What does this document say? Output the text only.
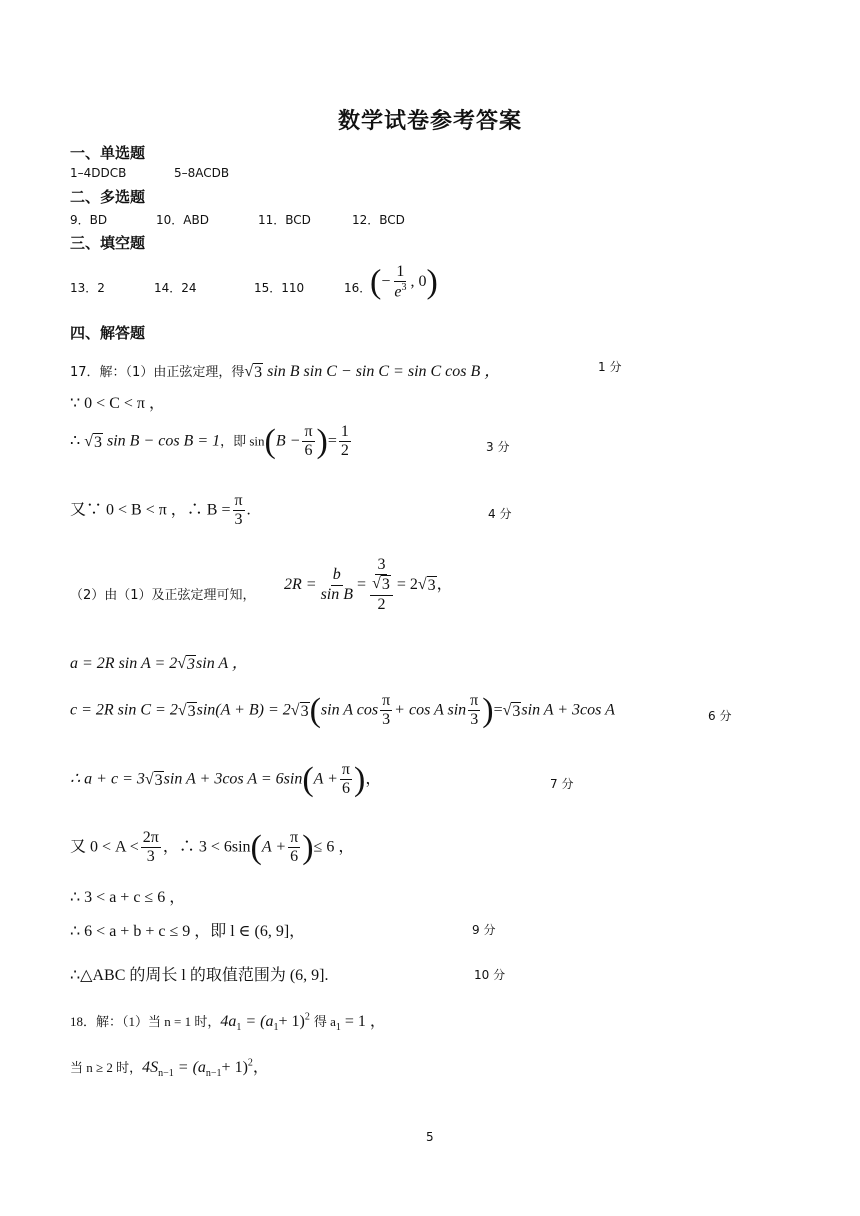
数学试卷参考答案
一、单选题
1–4DDCB	5–8ACDB
二、多选题
9．BD	10．ABD	11．BCD	12．BCD
三、填空题
13．2	14．24	15．110	16．
(− $\frac{1}{e^3}$ , 0)
四、解答题
17．解：（1）由正弦定理，得 √ 3 sin B sin C − sin C = sin C cos B ，	1 分
∵ 0 < C < π ，
∴ √ 3 sin B − cos B = 1，即 $\sin(B - \frac{\pi}{6}$ )= $\frac{1}{2}$	3 分
又∵ 0 < B < π ，∴ $B = \frac{\pi}{3}$ .	4 分
（2）由（1）及正弦定理可知，
$2R = \frac{b}{\text{sin B}} = \frac{3}{\frac{√ 3}{2}} = 2$ √ 3 ，
a = 2R sin A = 2 √ 3 sin A ，
c = 2R sin C = 2 √ 3 sin(A + B) = 2 √ 3 (sin A $\cos \frac{\pi}{3} + \cos A$ $\sin \frac{\pi}{3}$ )= √ 3 sin A + 3cos A	6 分
∴ a + c = 3 √ 3 sin A + 3cos $A = 6\sin(A + \frac{\pi}{6}$ )，	7 分
又 $0 < A < \frac{2\pi}{3}$ ，∴ $3 < 6\sin(A + \frac{\pi}{6}$ )≤ 6 ，
∴ 3 < a + c ≤ 6 ，
∴ 6 < a + b + c ≤ 9 ，即 l ∈ (6, 9]，	9 分
∴△ABC 的周长 l 的取值范围为 (6, 9].	10 分
18．解：（1）当 n = 1 时，$4a_1 = (a_1+ 1)^2$ 得 $a_1 = 1$ ，
当 n ≥ 2 时，$4S_{n-1} = (a_{n-1}+ 1)^2$，
5
